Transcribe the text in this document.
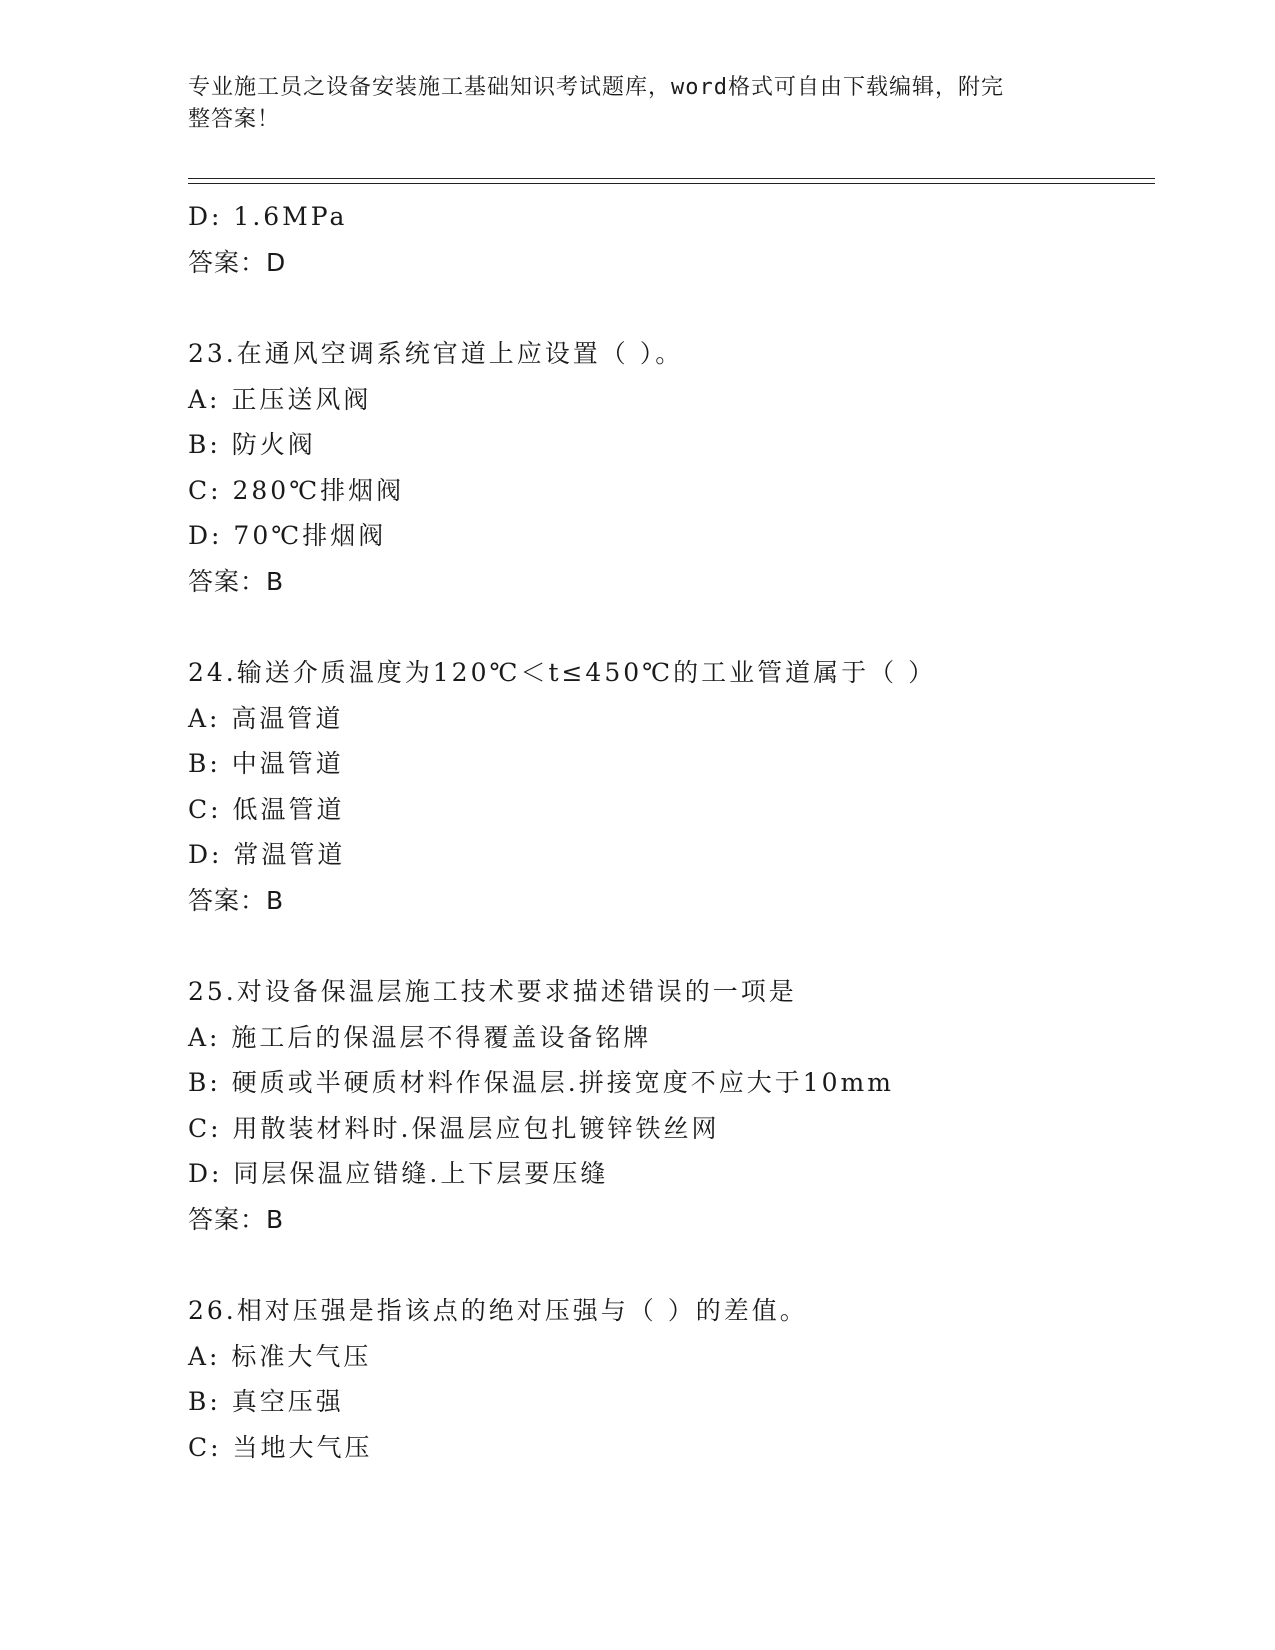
专业施工员之设备安装施工基础知识考试题库，word格式可自由下载编辑，附完
整答案！
D: 1.6MPa
答案：D
23.在通风空调系统官道上应设置（ ）。
A: 正压送风阀
B: 防火阀
C: 280℃排烟阀
D: 70℃排烟阀
答案：B
24.输送介质温度为120℃＜t≤450℃的工业管道属于（ ）
A: 高温管道
B: 中温管道
C: 低温管道
D: 常温管道
答案：B
25.对设备保温层施工技术要求描述错误的一项是
A: 施工后的保温层不得覆盖设备铭牌
B: 硬质或半硬质材料作保温层.拼接宽度不应大于10mm
C: 用散装材料时.保温层应包扎镀锌铁丝网
D: 同层保温应错缝.上下层要压缝
答案：B
26.相对压强是指该点的绝对压强与（ ）的差值。
A: 标准大气压
B: 真空压强
C: 当地大气压
